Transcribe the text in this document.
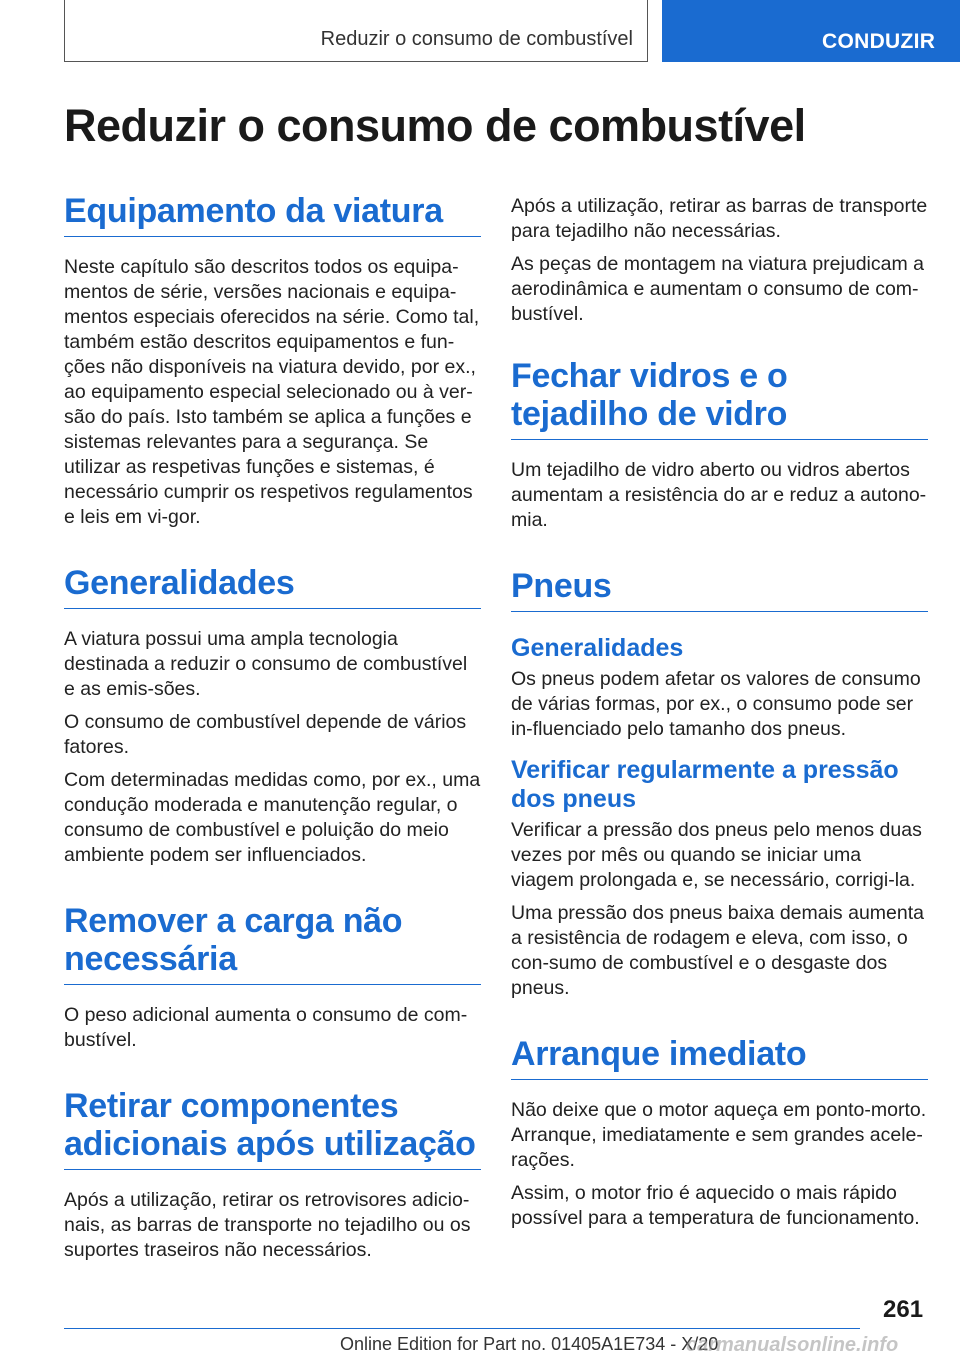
Reduzir o consumo de combustível	CONDUZIR
Reduzir o consumo de combustível
Equipamento da viatura

Neste capítulo são descritos todos os equipa-mentos de série, versões nacionais e equipa-mentos especiais oferecidos na série. Como tal, também estão descritos equipamentos e fun-ções não disponíveis na viatura devido, por ex., ao equipamento especial selecionado ou à ver-são do país. Isto também se aplica a funções e sistemas relevantes para a segurança. Se utilizar as respetivas funções e sistemas, é necessário cumprir os respetivos regulamentos e leis em vi-gor.

Generalidades

A viatura possui uma ampla tecnologia destinada a reduzir o consumo de combustível e as emis-sões.

O consumo de combustível depende de vários fatores.

Com determinadas medidas como, por ex., uma condução moderada e manutenção regular, o consumo de combustível e poluição do meio ambiente podem ser influenciados.

Remover a carga não necessária

O peso adicional aumenta o consumo de com-bustível.

Retirar componentes adicionais após utilização

Após a utilização, retirar os retrovisores adicio-nais, as barras de transporte no tejadilho ou os suportes traseiros não necessários.

Após a utilização, retirar as barras de transporte para tejadilho não necessárias.

As peças de montagem na viatura prejudicam a aerodinâmica e aumentam o consumo de com-bustível.

Fechar vidros e o tejadilho de vidro

Um tejadilho de vidro aberto ou vidros abertos aumentam a resistência do ar e reduz a autono-mia.

Pneus
Generalidades

Os pneus podem afetar os valores de consumo de várias formas, por ex., o consumo pode ser in-fluenciado pelo tamanho dos pneus.

Verificar regularmente a pressão dos pneus

Verificar a pressão dos pneus pelo menos duas vezes por mês ou quando se iniciar uma viagem prolongada e, se necessário, corrigi-la.

Uma pressão dos pneus baixa demais aumenta a resistência de rodagem e eleva, com isso, o con-sumo de combustível e o desgaste dos pneus.

Arranque imediato

Não deixe que o motor aqueça em ponto-morto. Arranque, imediatamente e sem grandes acele-rações.

Assim, o motor frio é aquecido o mais rápido possível para a temperatura de funcionamento.

261
Online Edition for Part no. 01405A1E734 - X/20
carmanualsonline.info
